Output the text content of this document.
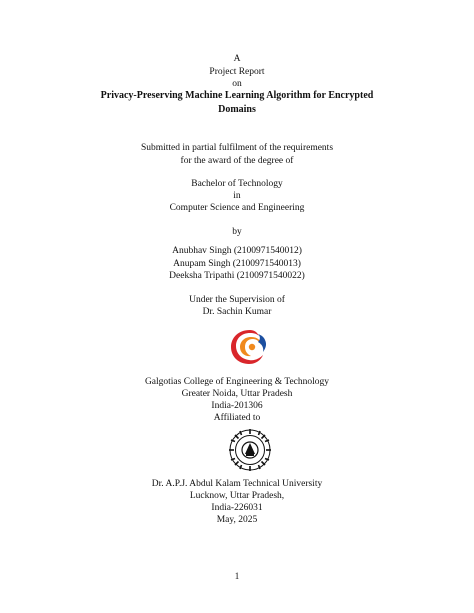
A
Project Report
on
Privacy-Preserving Machine Learning Algorithm for Encrypted
Domains
Submitted in partial fulfilment of the requirements
for the award of the degree of
Bachelor of Technology
in
Computer Science and Engineering
by
Anubhav Singh (2100971540012)
Anupam Singh (2100971540013)
Deeksha Tripathi (2100971540022)
Under the Supervision of
Dr. Sachin Kumar
Galgotias College of Engineering & Technology
Greater Noida, Uttar Pradesh
India-201306
Affiliated to
Dr. A.P.J. Abdul Kalam Technical University
Lucknow, Uttar Pradesh,
India-226031
May, 2025
1
